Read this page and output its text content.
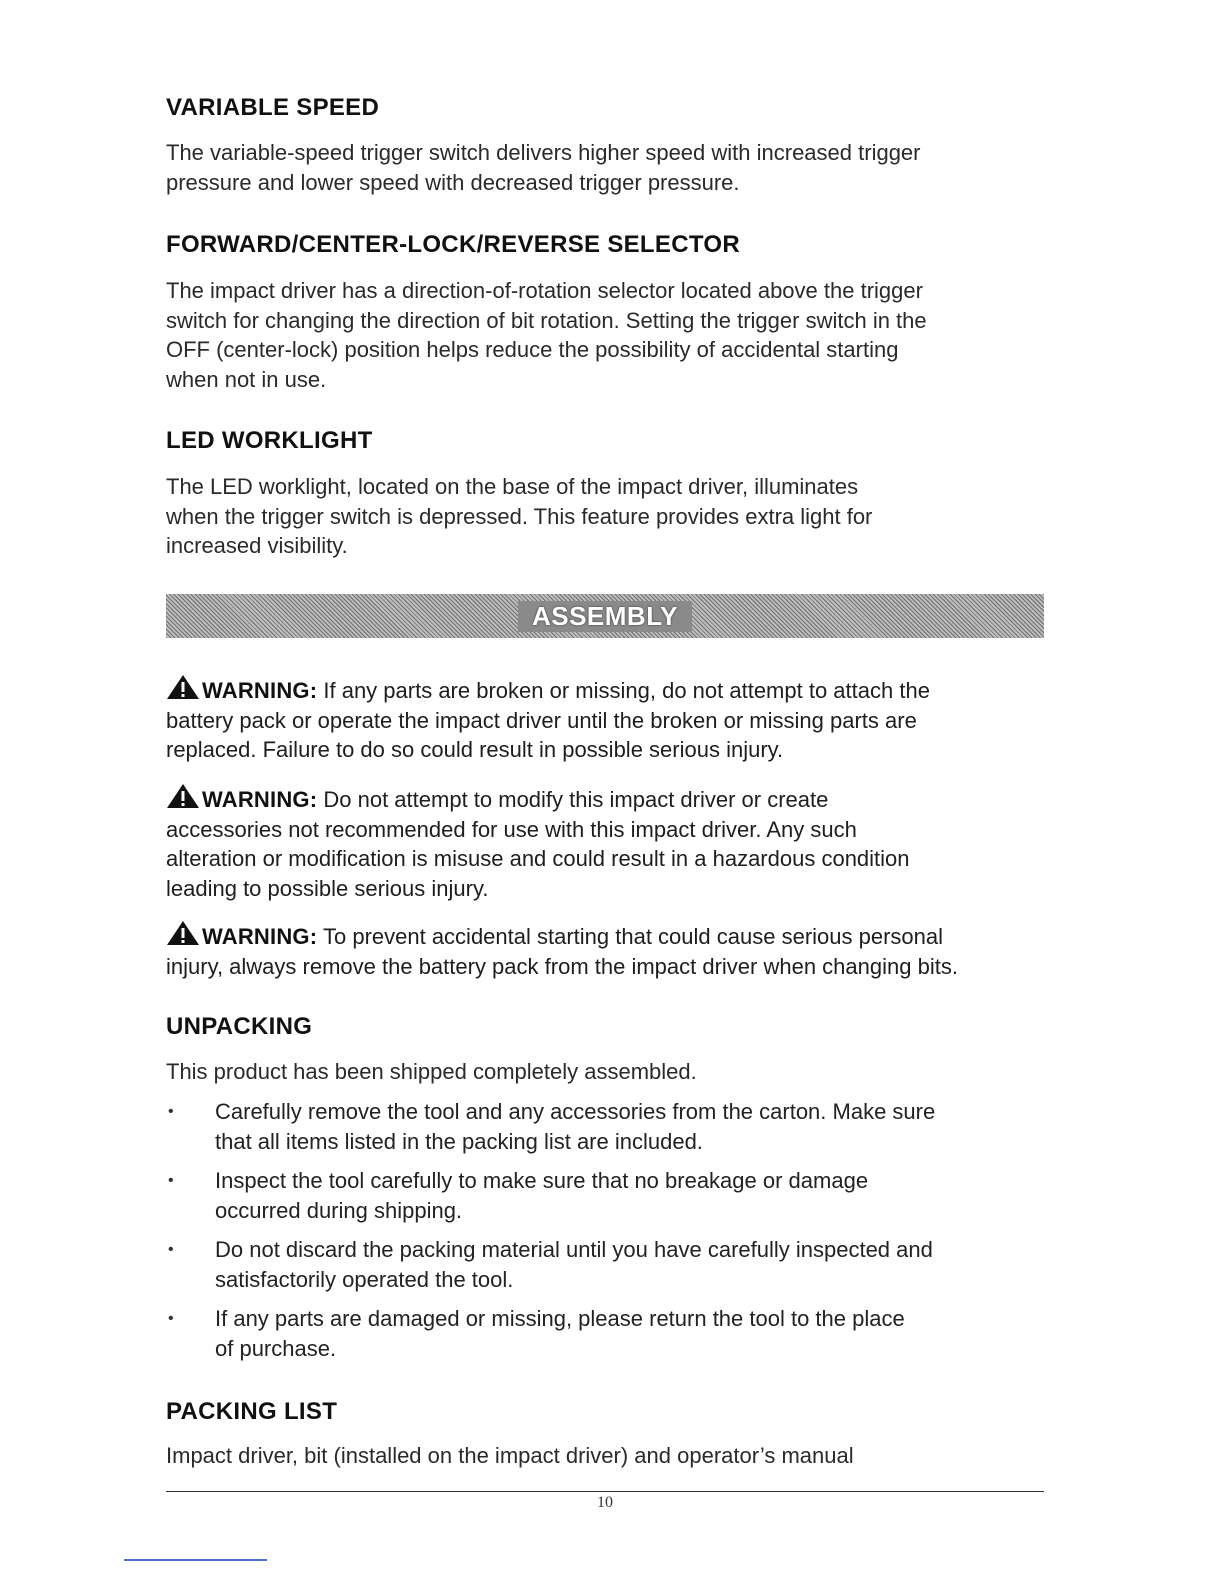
VARIABLE SPEED

The variable-speed trigger switch delivers higher speed with increased trigger
pressure and lower speed with decreased trigger pressure.

FORWARD/CENTER-LOCK/REVERSE SELECTOR

The impact driver has a direction-of-rotation selector located above the trigger
switch for changing the direction of bit rotation. Setting the trigger switch in the
OFF (center-lock) position helps reduce the possibility of accidental starting
when not in use.

LED WORKLIGHT

The LED worklight, located on the base of the impact driver, illuminates
when the trigger switch is depressed. This feature provides extra light for
increased visibility.

ASSEMBLY

WARNING: If any parts are broken or missing, do not attempt to attach the
battery pack or operate the impact driver until the broken or missing parts are
replaced. Failure to do so could result in possible serious injury.

WARNING: Do not attempt to modify this impact driver or create
accessories not recommended for use with this impact driver. Any such
alteration or modification is misuse and could result in a hazardous condition
leading to possible serious injury.

WARNING: To prevent accidental starting that could cause serious personal
injury, always remove the battery pack from the impact driver when changing bits.

UNPACKING

This product has been shipped completely assembled.

• Carefully remove the tool and any accessories from the carton. Make sure
that all items listed in the packing list are included.
• Inspect the tool carefully to make sure that no breakage or damage
occurred during shipping.
• Do not discard the packing material until you have carefully inspected and
satisfactorily operated the tool.
• If any parts are damaged or missing, please return the tool to the place
of purchase.
PACKING LIST

Impact driver, bit (installed on the impact driver) and operator’s manual

10
